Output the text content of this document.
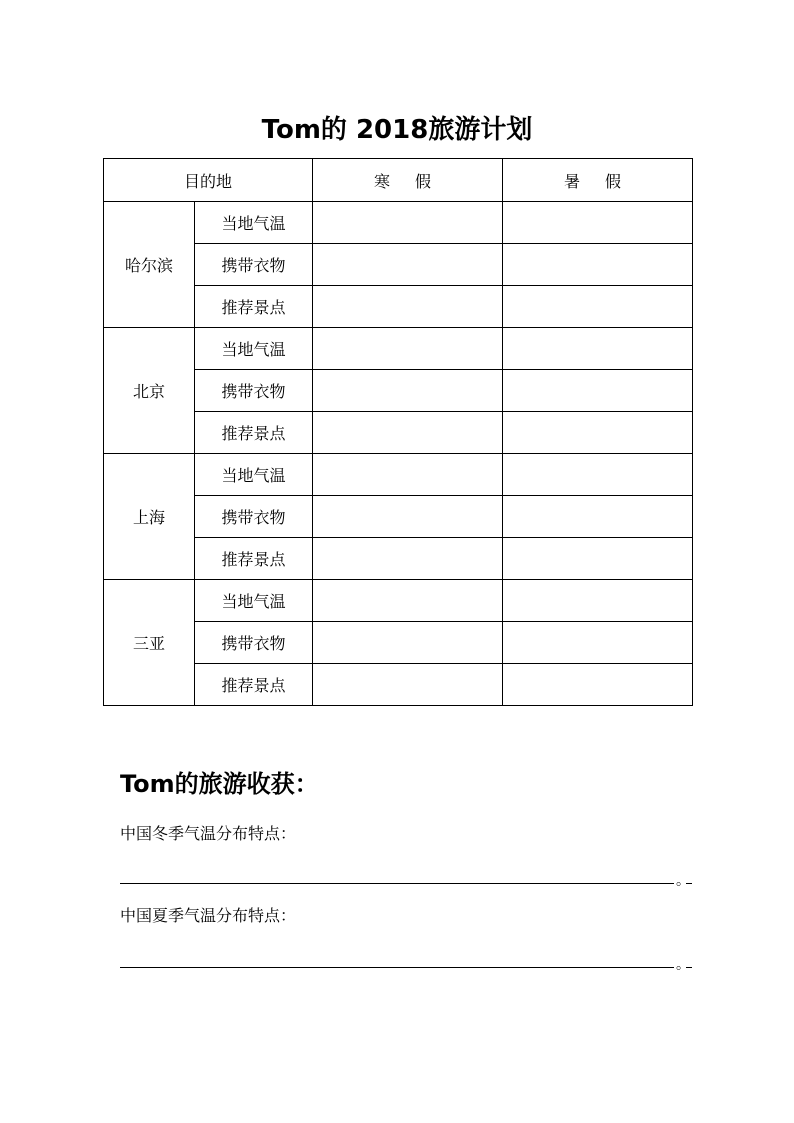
Tom的 2018旅游计划
目的地		寒 假	暑 假
哈尔滨	当地气温		
	携带衣物		
	推荐景点		
北京	当地气温		
	携带衣物		
	推荐景点		
上海	当地气温		
	携带衣物		
	推荐景点		
三亚	当地气温		
	携带衣物		
	推荐景点		
Tom的旅游收获：

中国冬季气温分布特点：

。

中国夏季气温分布特点：

。
